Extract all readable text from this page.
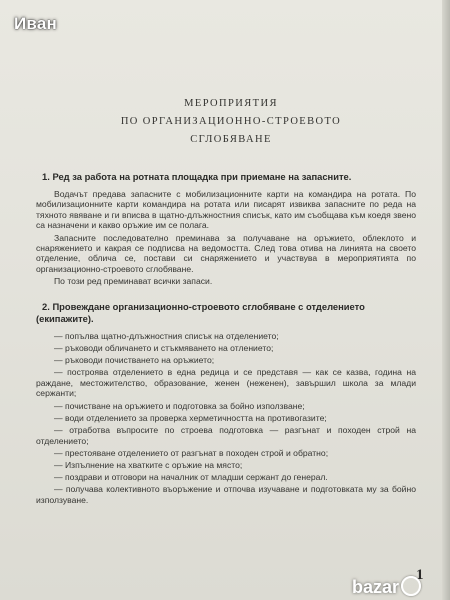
Иван
МЕРОПРИЯТИЯ
ПО ОРГАНИЗАЦИОННО-СТРОЕВОТО
СГЛОБЯВАНЕ
1. Ред за работа на ротната площадка при приемане на запасните.

Водачът предава запасните с мобилизационните карти на командира на ротата. По мобилизационните карти командира на ротата или писарят извиква запасните по реда на тяхното явяване и ги вписва в щатно-длъжностния списък, като им съобщава към коедя звено са назначени и какво оръжие им се полага.

Запасните последователно преминава за получаване на оръжието, облеклото и снаряжението и какрая се подписва на ведомостта. След това отива на линията на своето отделение, облича се, постави си снаряжението и участвува в мероприятията по организационно-строевото сглобяване.

По този ред преминават всички запаси.

2. Провеждане организационно-строевото сглобяване с отделението (екипажите).
— попълва щатно-длъжностния списък на отделението;
— ръководи обличането и стъкмяването на отлението;
— ръководи почистването на оръжието;
— построява отделението в една редица и се представя — как се казва, година на раждане, местожителство, образование, женен (неженен), завършил школа за млади сержанти;
— почистване на оръжието и подготовка за бойно използване;
— води отделението за проверка херметичността на противогазите;
— отработва въпросите по строева подготовка — разгънат и походен строй на отделението;
— престояване отделението от разгънат в походен строй и обратно;
— Изпълнение на хватките с оръжие на място;
— поздрави и отговори на началник от младши сержант до генерал.
— получава колективното въоръжение и отпочва изучаване и подготовката му за бойно използуване.
1
bazar
